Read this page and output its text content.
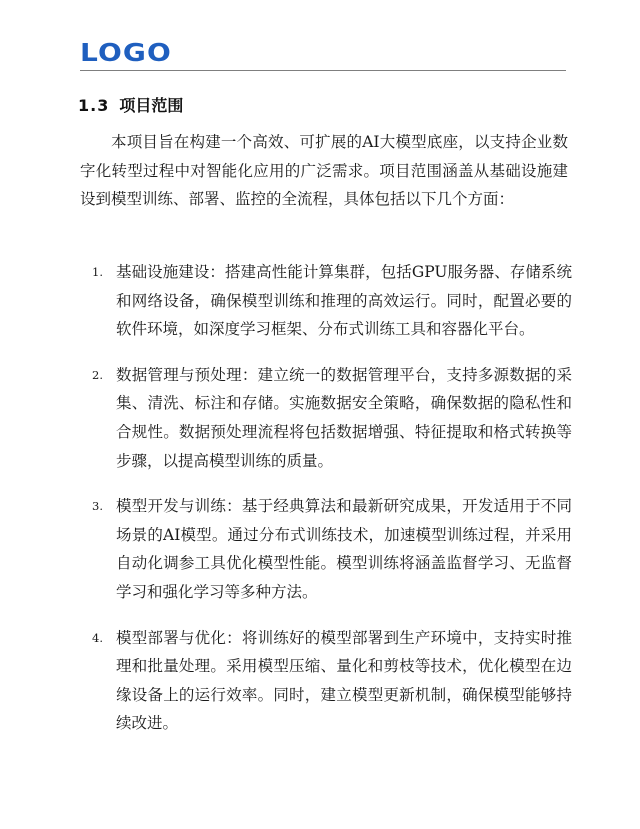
LOGO
1.3 项目范围

本项目旨在构建一个高效、可扩展的AI大模型底座，以支持企业数字化转型过程中对智能化应用的广泛需求。项目范围涵盖从基础设施建设到模型训练、部署、监控的全流程，具体包括以下几个方面：

1. 基础设施建设：搭建高性能计算集群，包括GPU服务器、存储系统和网络设备，确保模型训练和推理的高效运行。同时，配置必要的软件环境，如深度学习框架、分布式训练工具和容器化平台。
2. 数据管理与预处理：建立统一的数据管理平台，支持多源数据的采集、清洗、标注和存储。实施数据安全策略，确保数据的隐私性和合规性。数据预处理流程将包括数据增强、特征提取和格式转换等步骤，以提高模型训练的质量。
3. 模型开发与训练：基于经典算法和最新研究成果，开发适用于不同场景的AI模型。通过分布式训练技术，加速模型训练过程，并采用自动化调参工具优化模型性能。模型训练将涵盖监督学习、无监督学习和强化学习等多种方法。
4. 模型部署与优化：将训练好的模型部署到生产环境中，支持实时推理和批量处理。采用模型压缩、量化和剪枝等技术，优化模型在边缘设备上的运行效率。同时，建立模型更新机制，确保模型能够持续改进。
